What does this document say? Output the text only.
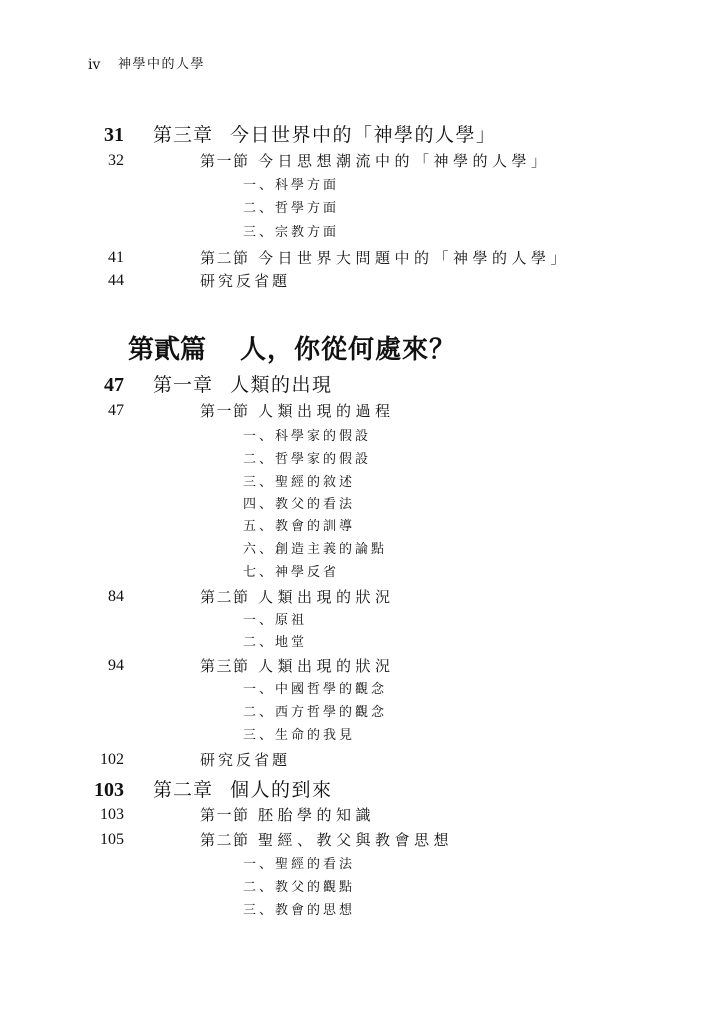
iv 神學中的人學
31 第三章 今日世界中的「神學的人學」
32	第一節 今日思想潮流中的「神學的人學」
一、科學方面
二、哲學方面
三、宗教方面
41	第二節 今日世界大問題中的「神學的人學」
44	研究反省題
第貳篇 人，你從何處來？
47 第一章 人類的出現
47	第一節 人類出現的過程
一、科學家的假設
二、哲學家的假設
三、聖經的敘述
四、教父的看法
五、教會的訓導
六、創造主義的論點
七、神學反省
84	第二節 人類出現的狀況
一、原祖
二、地堂
94	第三節 人類出現的狀況
一、中國哲學的觀念
二、西方哲學的觀念
三、生命的我見
102	研究反省題
103 第二章 個人的到來
103	第一節 胚胎學的知識
105	第二節 聖經、教父與教會思想
一、聖經的看法
二、教父的觀點
三、教會的思想
